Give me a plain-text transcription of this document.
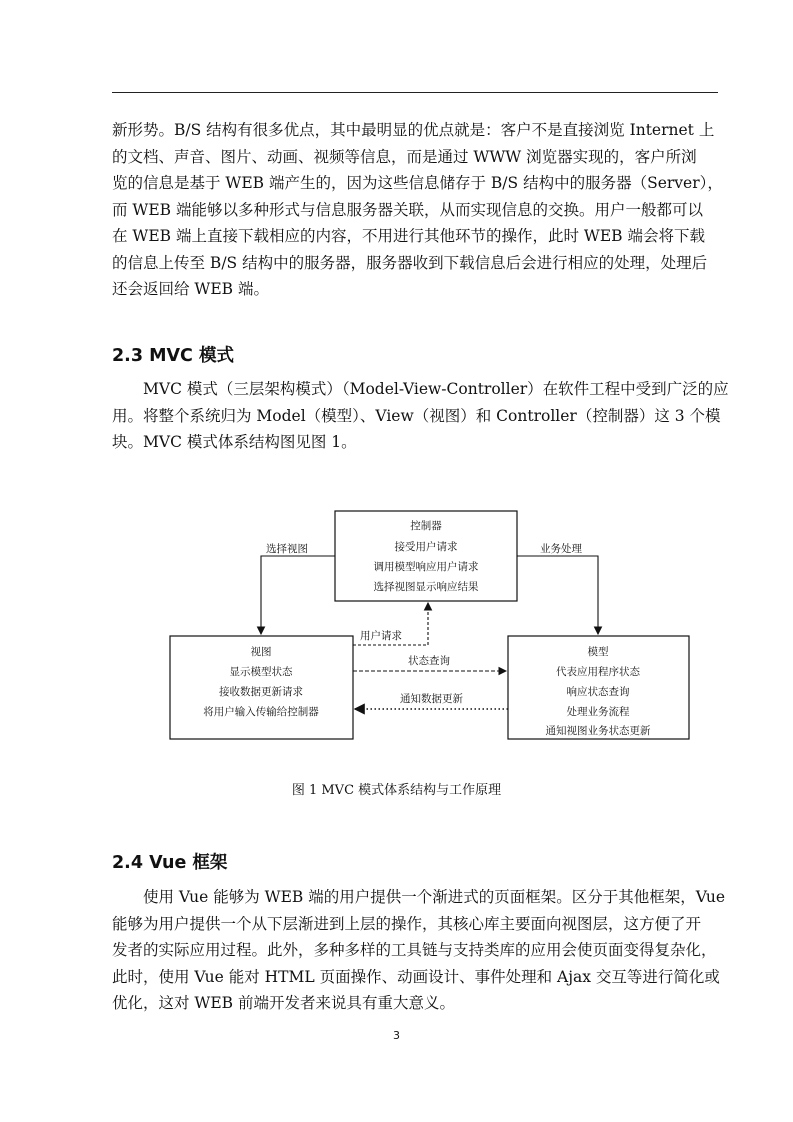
新形势。B/S 结构有很多优点，其中最明显的优点就是：客户不是直接浏览 Internet 上
的文档、声音、图片、动画、视频等信息，而是通过 WWW 浏览器实现的，客户所浏
览的信息是基于 WEB 端产生的，因为这些信息储存于 B/S 结构中的服务器（Server），
而 WEB 端能够以多种形式与信息服务器关联，从而实现信息的交换。用户一般都可以
在 WEB 端上直接下载相应的内容，不用进行其他环节的操作，此时 WEB 端会将下载
的信息上传至 B/S 结构中的服务器，服务器收到下载信息后会进行相应的处理，处理后
还会返回给 WEB 端。
2.3 MVC 模式
MVC 模式（三层架构模式）（Model-View-Controller）在软件工程中受到广泛的应
用。将整个系统归为 Model（模型）、View（视图）和 Controller（控制器）这 3 个模
块。MVC 模式体系结构图见图 1。
控制器
接受用户请求
调用模型响应用户请求
选择视图显示响应结果
视图
显示模型状态
接收数据更新请求
将用户输入传输给控制器
模型
代表应用程序状态
响应状态查询
处理业务流程
通知视图业务状态更新
选择视图	业务处理
用户请求
状态查询
通知数据更新
图 1 MVC 模式体系结构与工作原理
2.4 Vue 框架
使用 Vue 能够为 WEB 端的用户提供一个渐进式的页面框架。区分于其他框架，Vue
能够为用户提供一个从下层渐进到上层的操作，其核心库主要面向视图层，这方便了开
发者的实际应用过程。此外，多种多样的工具链与支持类库的应用会使页面变得复杂化，
此时，使用 Vue 能对 HTML 页面操作、动画设计、事件处理和 Ajax 交互等进行简化或
优化，这对 WEB 前端开发者来说具有重大意义。
3
